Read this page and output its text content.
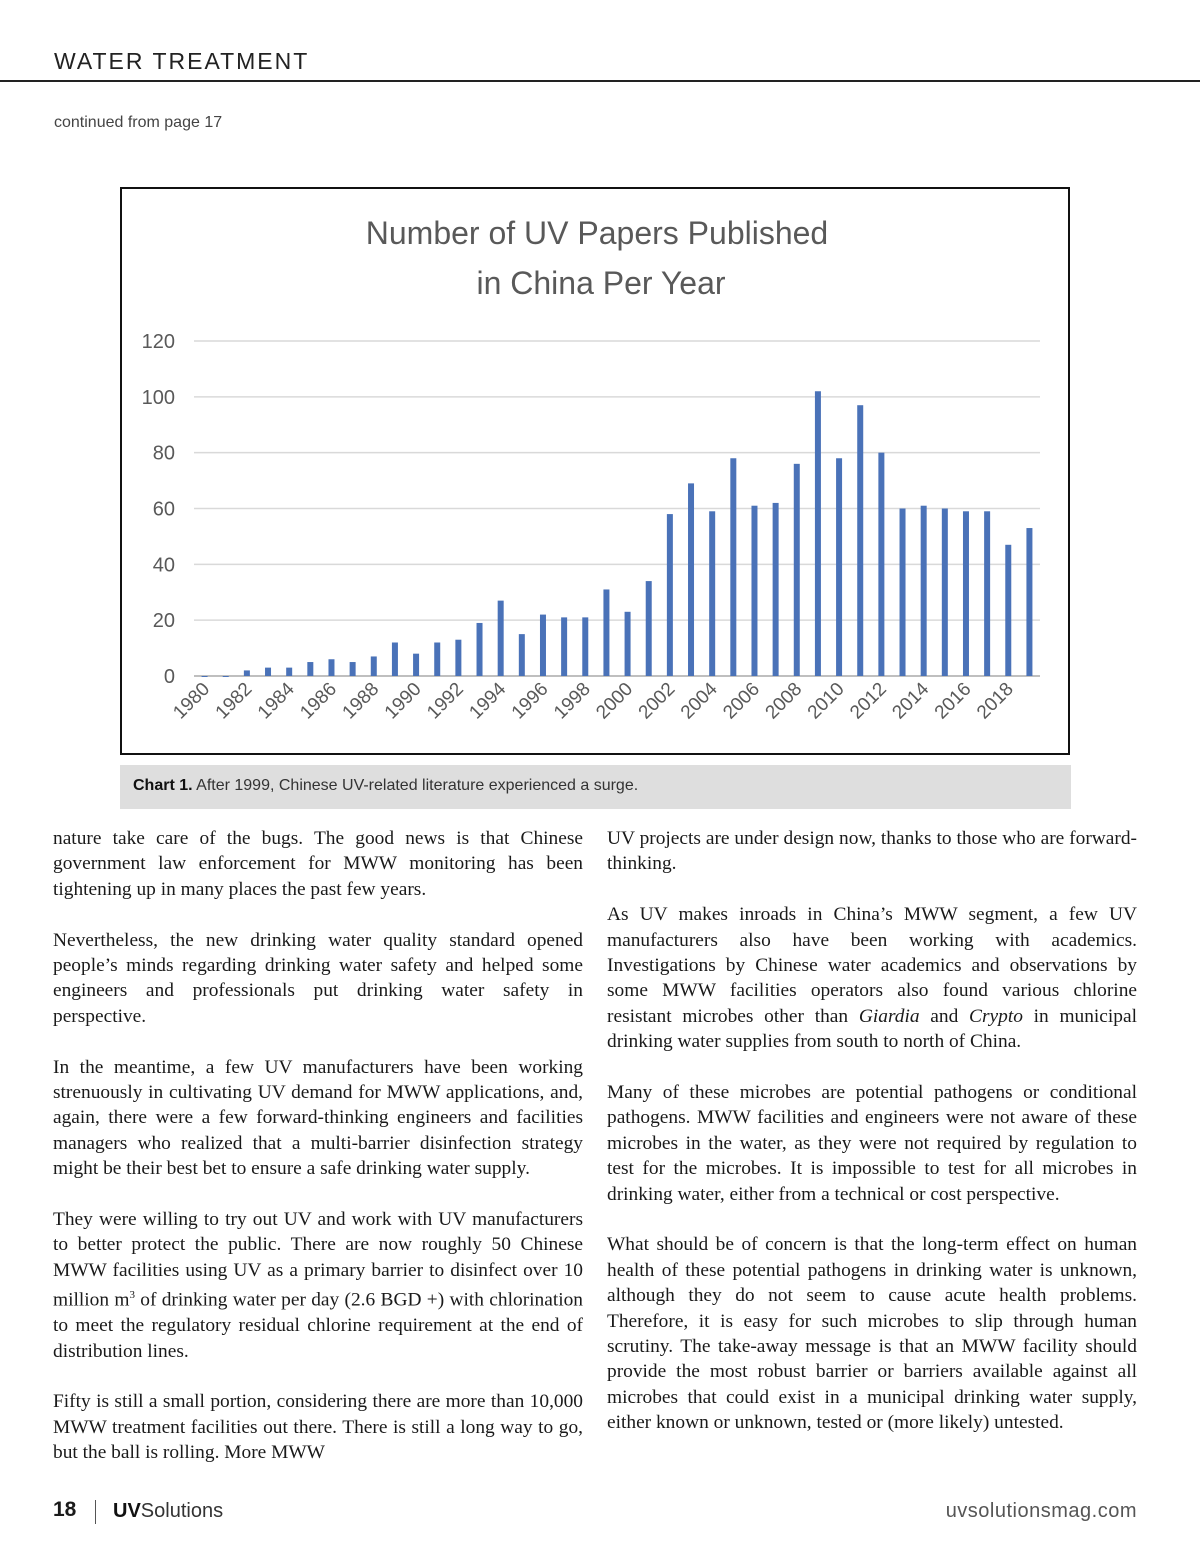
WATER TREATMENT
continued from page 17
Number of UV Papers Published
in China Per Year
0
20
40
60
80
100
120
1980
1982
1984
1986
1988
1990
1992
1994
1996
1998
2000
2002
2004
2006
2008
2010
2012
2014
2016
2018
Chart 1. After 1999, Chinese UV-related literature experienced a surge.

nature take care of the bugs. The good news is that Chinese government law enforcement for MWW monitoring has been tightening up in many places the past few years.

Nevertheless, the new drinking water quality standard opened people’s minds regarding drinking water safety and helped some engineers and professionals put drinking water safety in perspective.

In the meantime, a few UV manufacturers have been working strenuously in cultivating UV demand for MWW applications, and, again, there were a few forward-thinking engineers and facilities managers who realized that a multi-barrier disinfection strategy might be their best bet to ensure a safe drinking water supply.

They were willing to try out UV and work with UV manufacturers to better protect the public. There are now roughly 50 Chinese MWW facilities using UV as a primary barrier to disinfect over 10 million $m^3$ of drinking water per day (2.6 BGD +) with chlorination to meet the regulatory residual chlorine requirement at the end of distribution lines.

Fifty is still a small portion, considering there are more than 10,000 MWW treatment facilities out there. There is still a long way to go, but the ball is rolling. More MWW

UV projects are under design now, thanks to those who are forward-thinking.

As UV makes inroads in China’s MWW segment, a few UV manufacturers also have been working with academics. Investigations by Chinese water academics and observations by some MWW facilities operators also found various chlorine resistant microbes other than Giardia and Crypto in municipal drinking water supplies from south to north of China.

Many of these microbes are potential pathogens or conditional pathogens. MWW facilities and engineers were not aware of these microbes in the water, as they were not required by regulation to test for the microbes. It is impossible to test for all microbes in drinking water, either from a technical or cost perspective.

What should be of concern is that the long-term effect on human health of these potential pathogens in drinking water is unknown, although they do not seem to cause acute health problems. Therefore, it is easy for such microbes to slip through human scrutiny. The take-away message is that an MWW facility should provide the most robust barrier or barriers available against all microbes that could exist in a municipal drinking water supply, either known or unknown, tested or (more likely) untested.

18 UVSolutions	uvsolutionsmag.com
